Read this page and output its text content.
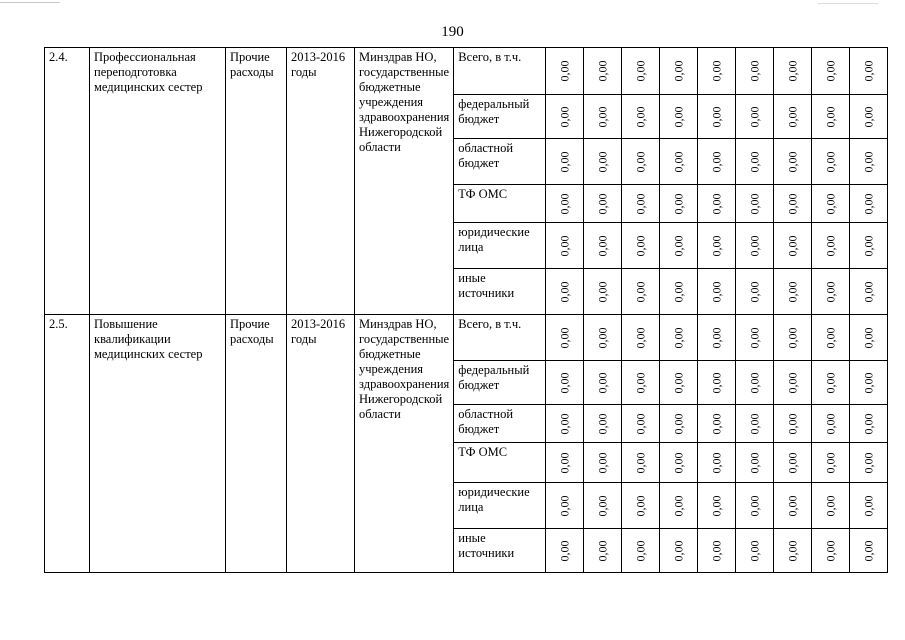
190
2.4.	Профессиональная переподготовка медицинских сестер	Прочие расходы	2013-2016 годы	Минздрав НО, государственные бюджетные учреждения здравоохранения Нижегородской области	Всего, в т.ч.	0,00	0,00	0,00	0,00	0,00	0,00	0,00	0,00	0,00

					федеральный бюджет	0,00	0,00	0,00	0,00	0,00	0,00	0,00	0,00	0,00

					областной бюджет	0,00	0,00	0,00	0,00	0,00	0,00	0,00	0,00	0,00

					ТФ ОМС	0,00	0,00	0,00	0,00	0,00	0,00	0,00	0,00	0,00

					юридические лица	0,00	0,00	0,00	0,00	0,00	0,00	0,00	0,00	0,00

					иные источники	0,00	0,00	0,00	0,00	0,00	0,00	0,00	0,00	0,00

2.5.	Повышение квалификации медицинских сестер	Прочие расходы	2013-2016 годы	Минздрав НО, государственные бюджетные учреждения здравоохранения Нижегородской области	Всего, в т.ч.	0,00	0,00	0,00	0,00	0,00	0,00	0,00	0,00	0,00

					федеральный бюджет	0,00	0,00	0,00	0,00	0,00	0,00	0,00	0,00	0,00

					областной бюджет	0,00	0,00	0,00	0,00	0,00	0,00	0,00	0,00	0,00

					ТФ ОМС	0,00	0,00	0,00	0,00	0,00	0,00	0,00	0,00	0,00

					юридические лица	0,00	0,00	0,00	0,00	0,00	0,00	0,00	0,00	0,00

					иные источники	0,00	0,00	0,00	0,00	0,00	0,00	0,00	0,00	0,00
